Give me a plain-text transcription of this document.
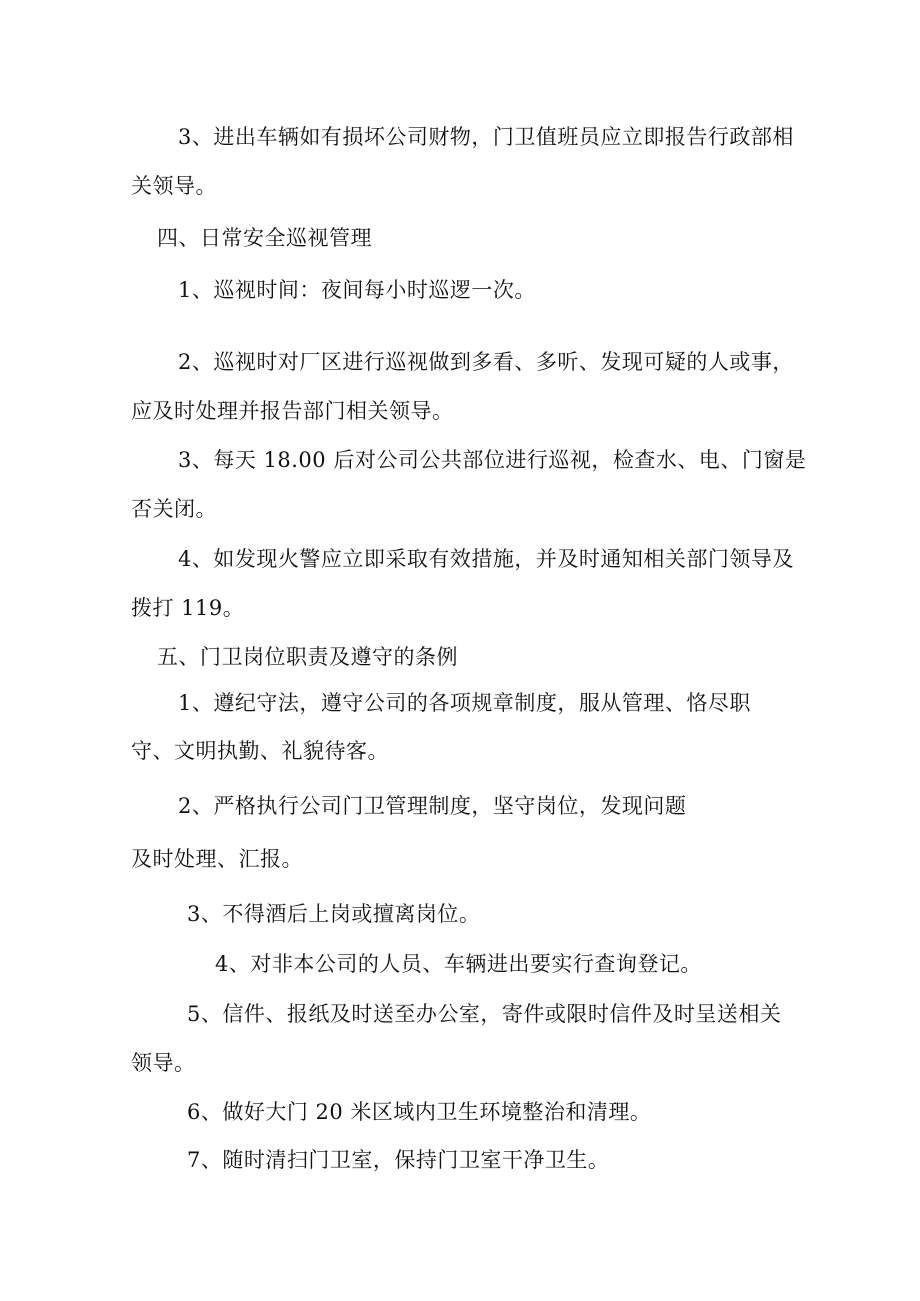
3、进出车辆如有损坏公司财物，门卫值班员应立即报告行政部相
关领导。
四、日常安全巡视管理
1、巡视时间：夜间每小时巡逻一次。
2、巡视时对厂区进行巡视做到多看、多听、发现可疑的人或事，
应及时处理并报告部门相关领导。
3、每天 18.00 后对公司公共部位进行巡视，检查水、电、门窗是
否关闭。
4、如发现火警应立即采取有效措施，并及时通知相关部门领导及
拨打 119。
五、门卫岗位职责及遵守的条例
1、遵纪守法，遵守公司的各项规章制度，服从管理、恪尽职
守、文明执勤、礼貌待客。
2、严格执行公司门卫管理制度，坚守岗位，发现问题
及时处理、汇报。
3、不得酒后上岗或擅离岗位。
4、对非本公司的人员、车辆进出要实行查询登记。
5、信件、报纸及时送至办公室，寄件或限时信件及时呈送相关
领导。
6、做好大门 20 米区域内卫生环境整治和清理。
7、随时清扫门卫室，保持门卫室干净卫生。
